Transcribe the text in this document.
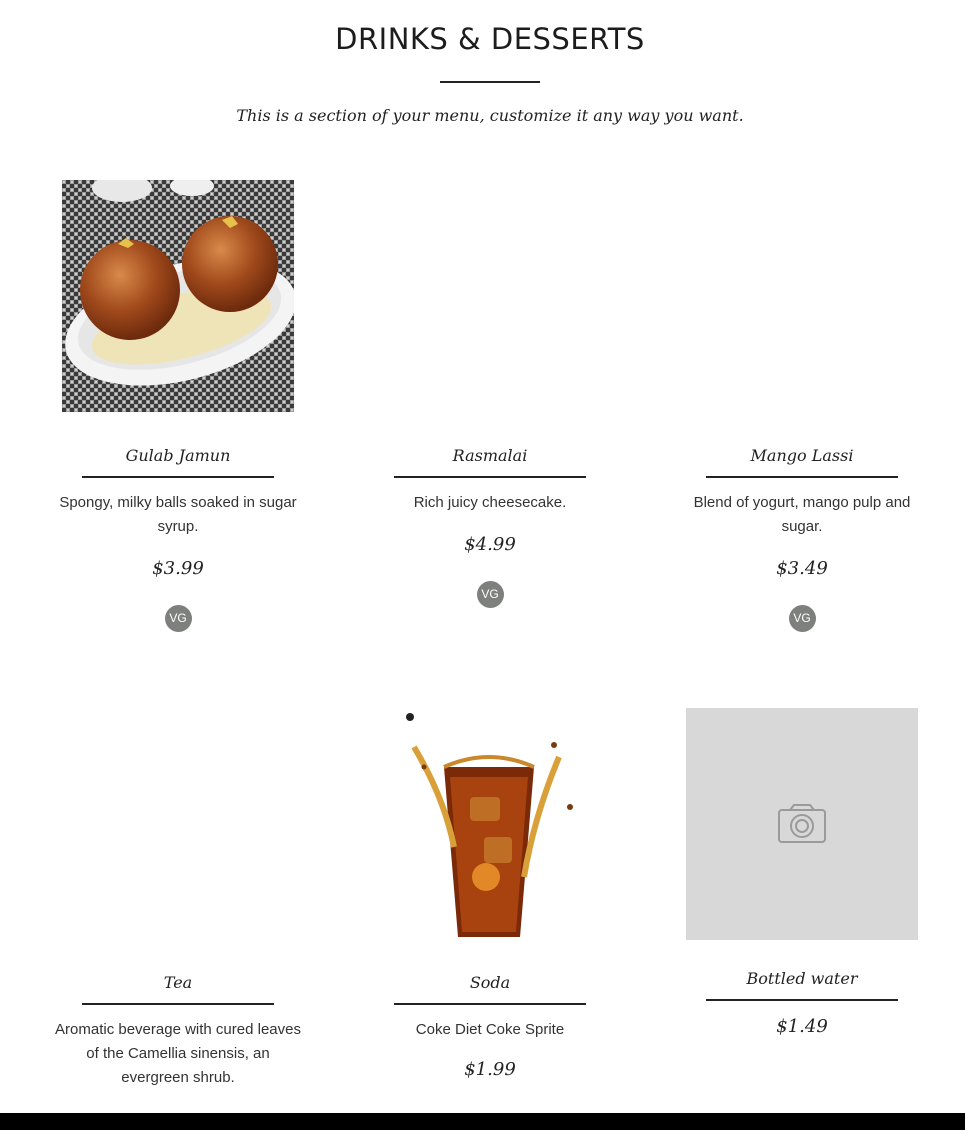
DRINKS & DESSERTS
This is a section of your menu, customize it any way you want.
Gulab Jamun
Spongy, milky balls soaked in sugar syrup.
$3.99
VG
Rasmalai
Rich juicy cheesecake.
$4.99
VG
Mango Lassi
Blend of yogurt, mango pulp and sugar.
$3.49
VG
Tea
Aromatic beverage with cured leaves of the Camellia sinensis, an evergreen shrub.
Soda
Coke Diet Coke Sprite
$1.99
Bottled water
$1.49
